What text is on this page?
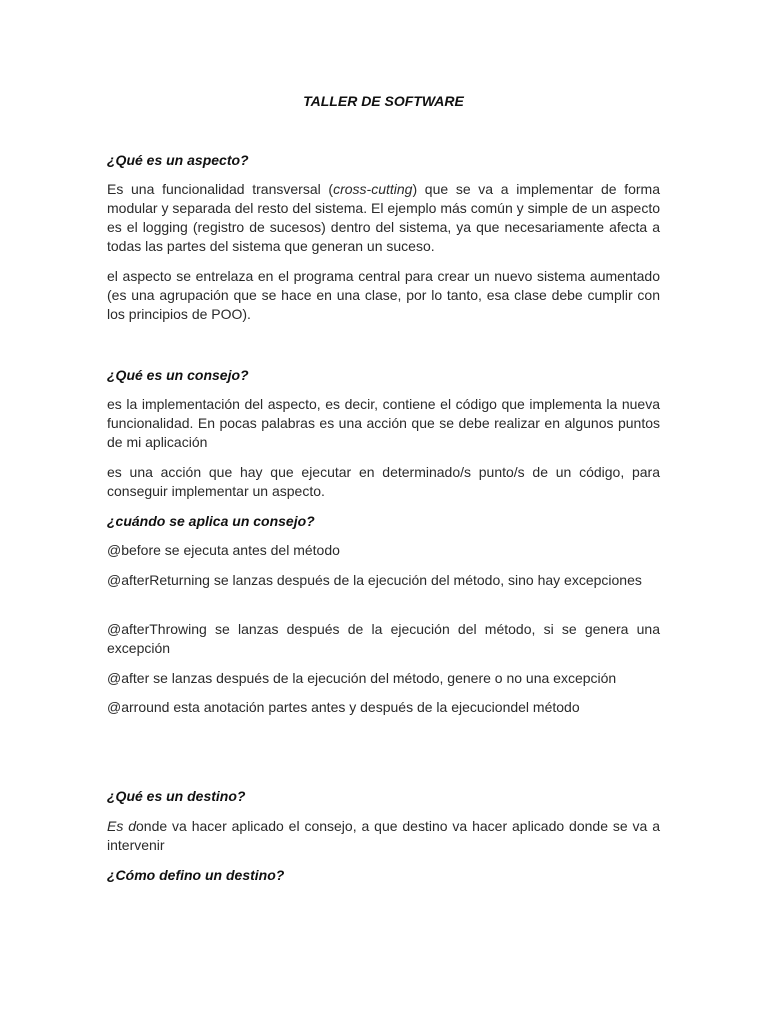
TALLER DE SOFTWARE
¿Qué es un aspecto?
Es una funcionalidad transversal (cross-cutting) que se va a implementar de forma modular y separada del resto del sistema. El ejemplo más común y simple de un aspecto es el logging (registro de sucesos) dentro del sistema, ya que necesariamente afecta a todas las partes del sistema que generan un suceso.
el aspecto se entrelaza en el programa central para crear un nuevo sistema aumentado (es una agrupación que se hace en una clase, por lo tanto, esa clase debe cumplir con los principios de POO).
¿Qué es un consejo?
es la implementación del aspecto, es decir, contiene el código que implementa la nueva funcionalidad. En pocas palabras es una acción que se debe realizar en algunos puntos de mi aplicación
es una acción que hay que ejecutar en determinado/s punto/s de un código, para conseguir implementar un aspecto.
¿cuándo se aplica un consejo?
@before se ejecuta antes del método
@afterReturning se lanzas después de la ejecución del método, sino hay excepciones
@afterThrowing se lanzas después de la ejecución del método, si se genera una excepción
@after se lanzas después de la ejecución del método, genere o no una excepción
@arround esta anotación partes antes y después de la ejecuciondel método
¿Qué es un destino?
Es donde va hacer aplicado el consejo, a que destino va hacer aplicado donde se va a intervenir
¿Cómo defino un destino?
